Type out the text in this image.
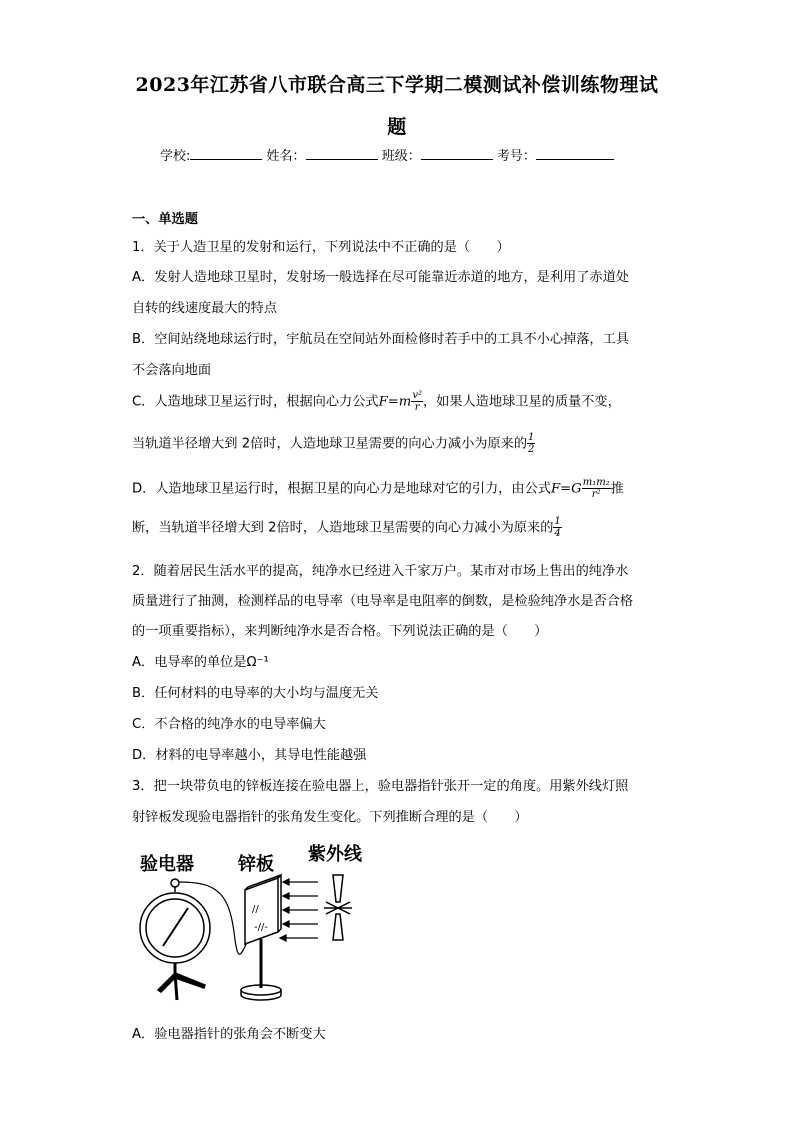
2023年江苏省八市联合高三下学期二模测试补偿训练物理试
题
学校:	姓名：	班级：	考号：
一、单选题
1．关于人造卫星的发射和运行，下列说法中不正确的是（　　）
A．发射人造地球卫星时，发射场一般选择在尽可能靠近赤道的地方，是利用了赤道处
自转的线速度最大的特点
B．空间站绕地球运行时，宇航员在空间站外面检修时若手中的工具不小心掉落，工具
不会落向地面
C．人造地球卫星运行时，根据向心力公式$F=m \frac{\text{v²}}{r}$ ，如果人造地球卫星的质量不变，
当轨道半径增大到 2倍时，人造地球卫星需要的向心力减小为原来的 $\frac{1}{2}$
D．人造地球卫星运行时，根据卫星的向心力是地球对它的引力，由公式$F=G \frac{\text{m₁m₂}}{\text{r²}}$ 推
断，当轨道半径增大到 2倍时，人造地球卫星需要的向心力减小为原来的 $\frac{1}{4}$
2．随着居民生活水平的提高，纯净水已经进入千家万户。某市对市场上售出的纯净水
质量进行了抽测，检测样品的电导率（电导率是电阻率的倒数，是检验纯净水是否合格
的一项重要指标），来判断纯净水是否合格。下列说法正确的是（　　）
A．电导率的单位是Ω⁻¹
B．任何材料的电导率的大小均与温度无关
C．不合格的纯净水的电导率偏大
D．材料的电导率越小，其导电性能越强
3．把一块带负电的锌板连接在验电器上，验电器指针张开一定的角度。用紫外线灯照
射锌板发现验电器指针的张角发生变化。下列推断合理的是（　　）
验电器 锌板 紫外线
//
-//-
A．验电器指针的张角会不断变大
